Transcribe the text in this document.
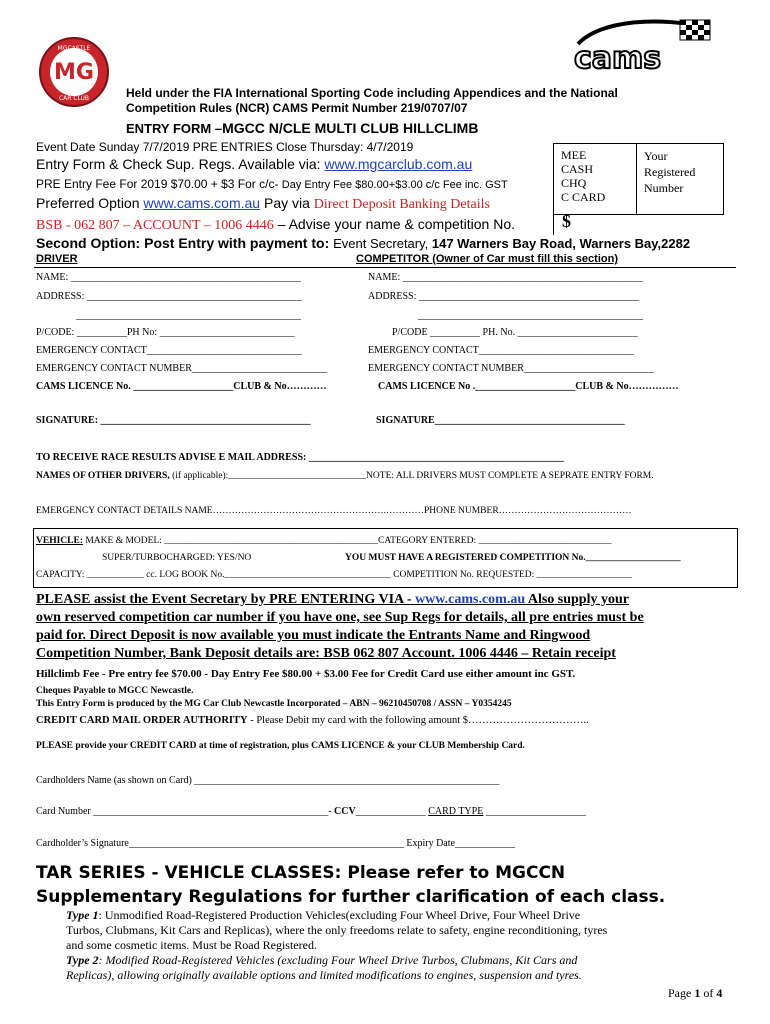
MGCASTLE
MG
CAR CLUB
cams
Held under the FIA International Sporting Code including Appendices and the National
Competition Rules (NCR) CAMS Permit Number 219/0707/07
ENTRY FORM –MGCC N/CLE MULTI CLUB HILLCLIMB
Event Date Sunday 7/7/2019 PRE ENTRIES Close Thursday: 4/7/2019
Entry Form & Check Sup. Regs. Available via: www.mgcarclub.com.au
PRE Entry Fee For 2019 $70.00 + $3 For c/c- Day Entry Fee $80.00+$3.00 c/c Fee inc. GST
Preferred Option www.cams.com.au Pay via Direct Deposit Banking Details
BSB - 062 807 – ACCOUNT – 1006 4446 – Advise your name & competition No.
Second Option: Post Entry with payment to: Event Secretary, 147 Warners Bay Road, Warners Bay,2282
MEE
CASH
CHQ
C CARD
Your
Registered
Number
$
DRIVER	COMPETITOR (Owner of Car must fill this section)
NAME: ______________________________________________
ADDRESS: ___________________________________________
_____________________________________________
P/CODE: __________PH No: ___________________________
EMERGENCY CONTACT_______________________________
EMERGENCY CONTACT NUMBER___________________________
CAMS LICENCE No. ____________________CLUB & No…………
SIGNATURE: __________________________________________
NAME: ________________________________________________
ADDRESS: ____________________________________________
_____________________________________________
P/CODE __________ PH. No. ________________________
EMERGENCY CONTACT_______________________________
EMERGENCY CONTACT NUMBER__________________________
CAMS LICENCE No .____________________CLUB & No……………
SIGNATURE______________________________________
TO RECEIVE RACE RESULTS ADVISE E MAIL ADDRESS: ___________________________________________________
NAMES OF OTHER DRIVERS, (if applicable):_____________________________NOTE: ALL DRIVERS MUST COMPLETE A SEPRATE ENTRY FORM.
EMERGENCY CONTACT DETAILS NAME……………………………………………….…………PHONE NUMBER……………………………………
VEHICLE: MAKE & MODEL: _____________________________________________CATEGORY ENTERED: ____________________________
SUPER/TURBOCHARGED: YES/NO	YOU MUST HAVE A REGISTERED COMPETITION No.____________________
CAPACITY: ____________ cc. LOG BOOK No.___________________________________ COMPETITION No. REQUESTED: ____________________
PLEASE assist the Event Secretary by PRE ENTERING VIA - www.cams.com.au Also supply your
own reserved competition car number if you have one, see Sup Regs for details, all pre entries must be
paid for. Direct Deposit is now available you must indicate the Entrants Name and Ringwood
Competition Number, Bank Deposit details are: BSB 062 807 Account. 1006 4446 – Retain receipt
Hillclimb Fee - Pre entry fee $70.00 - Day Entry Fee $80.00 + $3.00 Fee for Credit Card use either amount inc GST.
Cheques Payable to MGCC Newcastle.
This Entry Form is produced by the MG Car Club Newcastle Incorporated – ABN – 96210450708 / ASSN – Y0354245
CREDIT CARD MAIL ORDER AUTHORITY - Please Debit my card with the following amount $……………………………..
PLEASE provide your CREDIT CARD at time of registration, plus CAMS LICENCE & your CLUB Membership Card.
Cardholders Name (as shown on Card) _____________________________________________________________
Card Number _______________________________________________- CCV______________ CARD TYPE ____________________
Cardholder’s Signature_______________________________________________________ Expiry Date____________
TAR SERIES - VEHICLE CLASSES: Please refer to MGCCN
Supplementary Regulations for further clarification of each class.
Type 1: Unmodified Road-Registered Production Vehicles(excluding Four Wheel Drive, Four Wheel Drive
Turbos, Clubmans, Kit Cars and Replicas), where the only freedoms relate to safety, engine reconditioning, tyres
and some cosmetic items. Must be Road Registered.
Type 2: Modified Road-Registered Vehicles (excluding Four Wheel Drive Turbos, Clubmans, Kit Cars and
Replicas), allowing originally available options and limited modifications to engines, suspension and tyres.
Page 1 of 4
